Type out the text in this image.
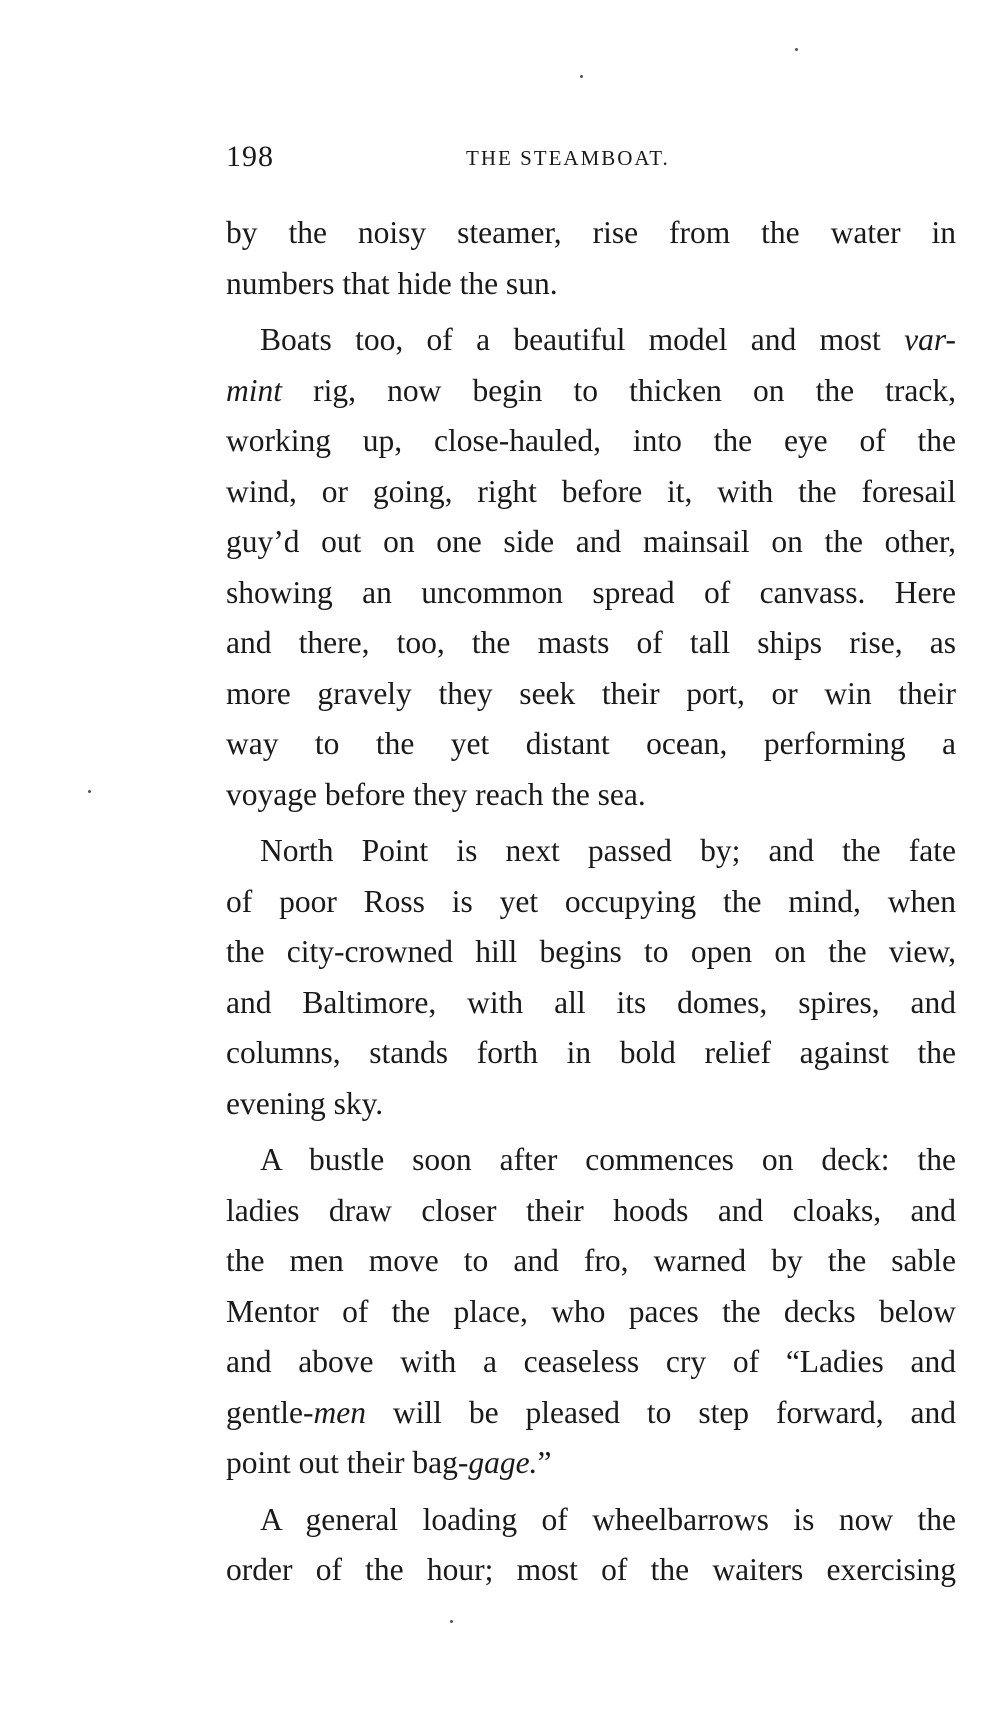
198	THE STEAMBOAT.

by the noisy steamer, rise from the water in
numbers that hide the sun.

Boats too, of a beautiful model and most var-
mint rig, now begin to thicken on the track,
working up, close-hauled, into the eye of the
wind, or going, right before it, with the foresail
guy’d out on one side and mainsail on the other,
showing an uncommon spread of canvass. Here
and there, too, the masts of tall ships rise, as
more gravely they seek their port, or win their
way to the yet distant ocean, performing a
voyage before they reach the sea.

North Point is next passed by; and the fate
of poor Ross is yet occupying the mind, when
the city-crowned hill begins to open on the view,
and Baltimore, with all its domes, spires, and
columns, stands forth in bold relief against the
evening sky.

A bustle soon after commences on deck: the
ladies draw closer their hoods and cloaks, and
the men move to and fro, warned by the sable
Mentor of the place, who paces the decks below
and above with a ceaseless cry of “Ladies and
gentle-men will be pleased to step forward, and
point out their bag-gage.”

A general loading of wheelbarrows is now the
order of the hour; most of the waiters exercising
